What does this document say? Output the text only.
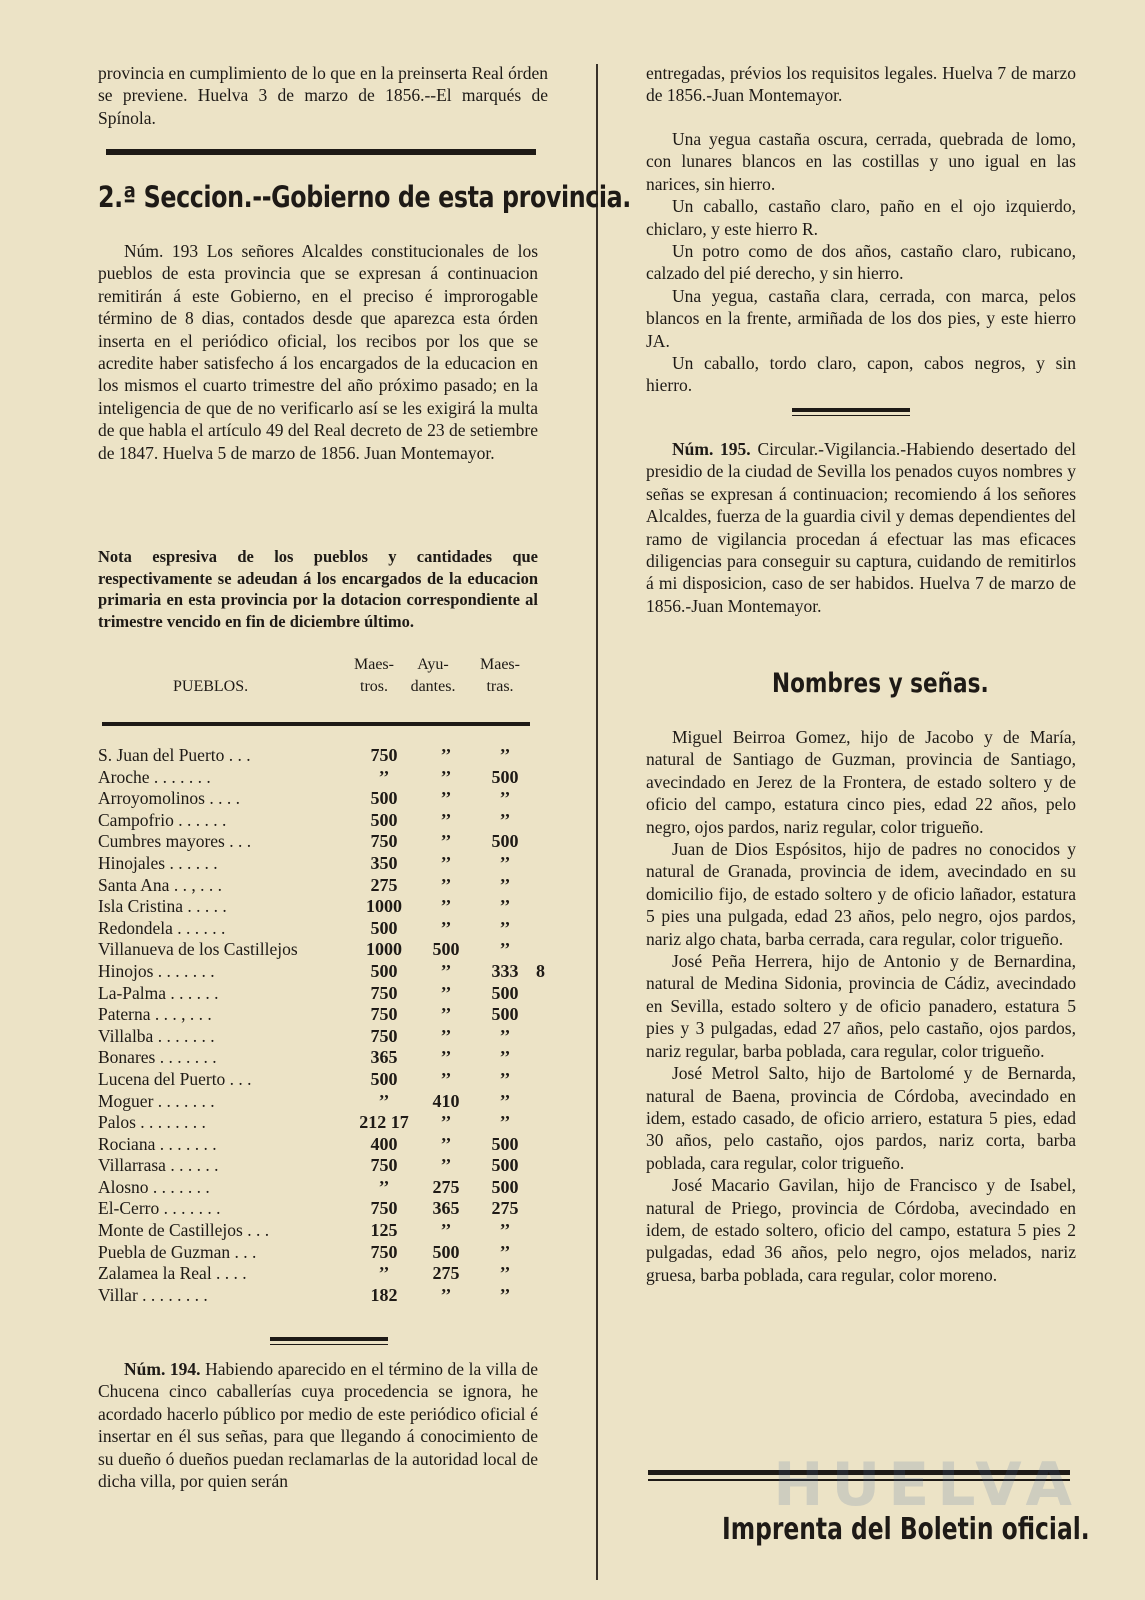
provincia en cumplimiento de lo que en la preinserta Real órden se previene. Huelva 3 de marzo de 1856.--El marqués de Spínola.

2.ª Seccion.--Gobierno de esta provincia.

Núm. 193 Los señores Alcaldes constitucionales de los pueblos de esta provincia que se expresan á continuacion remitirán á este Gobierno, en el preciso é improrogable término de 8 dias, contados desde que aparezca esta órden inserta en el periódico oficial, los recibos por los que se acredite haber satisfecho á los encargados de la educacion en los mismos el cuarto trimestre del año próximo pasado; en la inteligencia de que de no verificarlo así se les exigirá la multa de que habla el artículo 49 del Real decreto de 23 de setiembre de 1847. Huelva 5 de marzo de 1856. Juan Montemayor.

Nota espresiva de los pueblos y cantidades que respectivamente se adeudan á los encargados de la educacion primaria en esta provincia por la dotacion correspondiente al trimestre vencido en fin de diciembre último.
PUEBLOS.
Maes- tros.
Ayu- dantes.
Maes- tras.
S. Juan del Puerto . . .	750	’’	’’	
Aroche . . . . . . .	’’	’’	500	
Arroyomolinos . . . .	500	’’	’’	
Campofrio . . . . . .	500	’’	’’	
Cumbres mayores . . .	750	’’	500	
Hinojales . . . . . .	350	’’	’’	
Santa Ana . . , . . .	275	’’	’’	
Isla Cristina . . . . .	1000	’’	’’	
Redondela . . . . . .	500	’’	’’	
Villanueva de los Castillejos	1000	500	’’	
Hinojos . . . . . . .	500	’’	333	8
La-Palma . . . . . .	750	’’	500	
Paterna . . . , . . .	750	’’	500	
Villalba . . . . . . .	750	’’	’’	
Bonares . . . . . . .	365	’’	’’	
Lucena del Puerto . . .	500	’’	’’	
Moguer . . . . . . .	’’	410	’’	
Palos . . . . . . . .	212 17	’’	’’	
Rociana . . . . . . .	400	’’	500	
Villarrasa . . . . . .	750	’’	500	
Alosno . . . . . . .	’’	275	500	
El-Cerro . . . . . . .	750	365	275	
Monte de Castillejos . . .	125	’’	’’	
Puebla de Guzman . . .	750	500	’’	
Zalamea la Real . . . .	’’	275	’’	
Villar . . . . . . . .	182	’’	’’	

Núm. 194. Habiendo aparecido en el término de la villa de Chucena cinco caballerías cuya procedencia se ignora, he acordado hacerlo público por medio de este periódico oficial é insertar en él sus señas, para que llegando á conocimiento de su dueño ó dueños puedan reclamarlas de la autoridad local de dicha villa, por quien serán

entregadas, prévios los requisitos legales. Huelva 7 de marzo de 1856.-Juan Montemayor.

Una yegua castaña oscura, cerrada, quebrada de lomo, con lunares blancos en las costillas y uno igual en las narices, sin hierro.

Un caballo, castaño claro, paño en el ojo izquierdo, chiclaro, y este hierro R.

Un potro como de dos años, castaño claro, rubicano, calzado del pié derecho, y sin hierro.

Una yegua, castaña clara, cerrada, con marca, pelos blancos en la frente, armiñada de los dos pies, y este hierro JA.

Un caballo, tordo claro, capon, cabos negros, y sin hierro.

Núm. 195. Circular.-Vigilancia.-Habiendo desertado del presidio de la ciudad de Sevilla los penados cuyos nombres y señas se expresan á continuacion; recomiendo á los señores Alcaldes, fuerza de la guardia civil y demas dependientes del ramo de vigilancia procedan á efectuar las mas eficaces diligencias para conseguir su captura, cuidando de remitirlos á mi disposicion, caso de ser habidos. Huelva 7 de marzo de 1856.-Juan Montemayor.

Nombres y señas.

Miguel Beirroa Gomez, hijo de Jacobo y de María, natural de Santiago de Guzman, provincia de Santiago, avecindado en Jerez de la Frontera, de estado soltero y de oficio del campo, estatura cinco pies, edad 22 años, pelo negro, ojos pardos, nariz regular, color trigueño.

Juan de Dios Espósitos, hijo de padres no conocidos y natural de Granada, provincia de idem, avecindado en su domicilio fijo, de estado soltero y de oficio lañador, estatura 5 pies una pulgada, edad 23 años, pelo negro, ojos pardos, nariz algo chata, barba cerrada, cara regular, color trigueño.

José Peña Herrera, hijo de Antonio y de Bernardina, natural de Medina Sidonia, provincia de Cádiz, avecindado en Sevilla, estado soltero y de oficio panadero, estatura 5 pies y 3 pulgadas, edad 27 años, pelo castaño, ojos pardos, nariz regular, barba poblada, cara regular, color trigueño.

José Metrol Salto, hijo de Bartolomé y de Bernarda, natural de Baena, provincia de Córdoba, avecindado en idem, estado casado, de oficio arriero, estatura 5 pies, edad 30 años, pelo castaño, ojos pardos, nariz corta, barba poblada, cara regular, color trigueño.

José Macario Gavilan, hijo de Francisco y de Isabel, natural de Priego, provincia de Córdoba, avecindado en idem, de estado soltero, oficio del campo, estatura 5 pies 2 pulgadas, edad 36 años, pelo negro, ojos melados, nariz gruesa, barba poblada, cara regular, color moreno.

Imprenta del Boletin oficial.
HUELVA
